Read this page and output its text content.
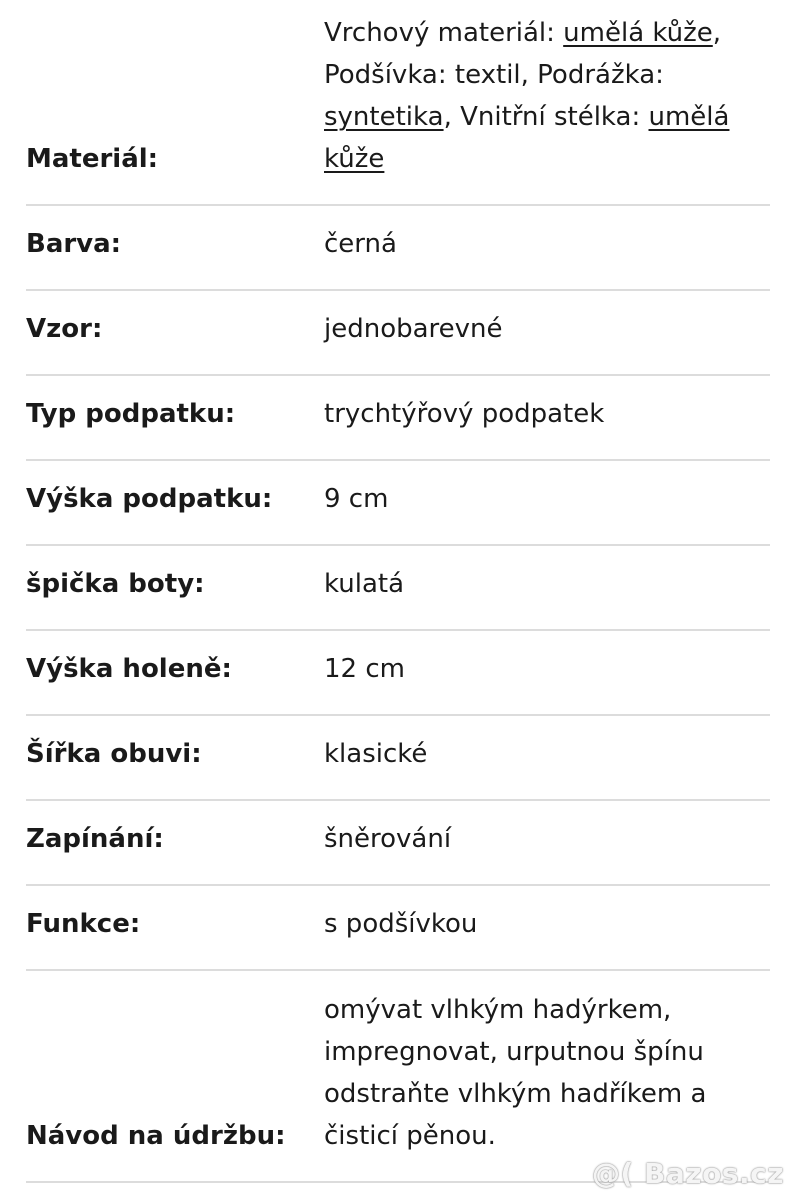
Materiál:
Vrchový materiál: umělá kůže, Podšívka: textil, Podrážka: syntetika, Vnitřní stélka: umělá kůže
Barva:	černá
Vzor:	jednobarevné
Typ podpatku:	trychtýřový podpatek
Výška podpatku:	9 cm
špička boty:	kulatá
Výška holeně:	12 cm
Šířka obuvi:	klasické
Zapínání:	šněrování
Funkce:	s podšívkou
Návod na údržbu:
omývat vlhkým hadýrkem, impregnovat, urputnou špínu odstraňte vlhkým hadříkem a čisticí pěnou.
@( Bazos.cz
